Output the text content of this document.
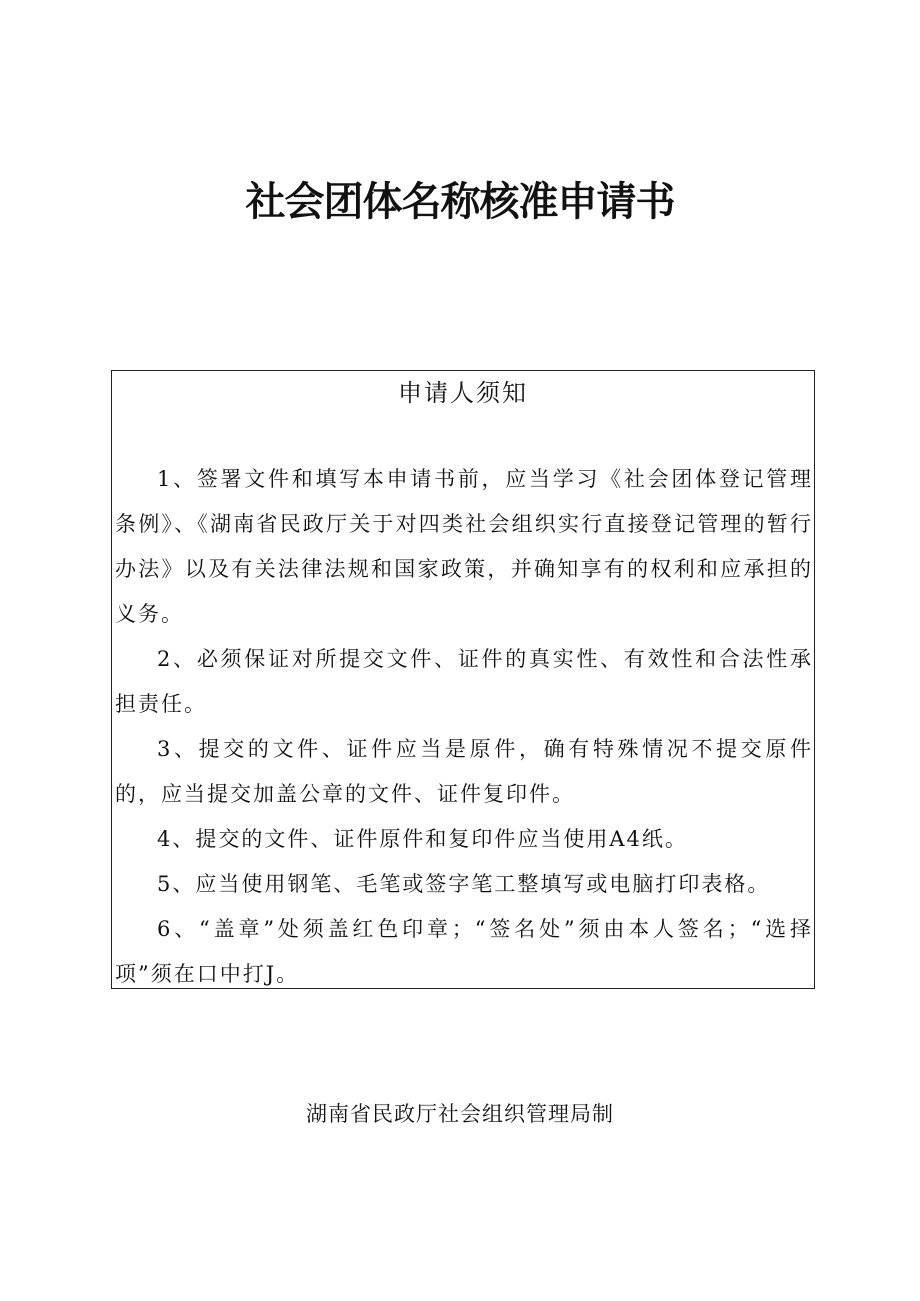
社会团体名称核准申请书
申请人须知
1、签署文件和填写本申请书前，应当学习《社会团体登记管理条例》、《湖南省民政厅关于对四类社会组织实行直接登记管理的暂行办法》以及有关法律法规和国家政策，并确知享有的权利和应承担的义务。
2、必须保证对所提交文件、证件的真实性、有效性和合法性承担责任。
3、提交的文件、证件应当是原件，确有特殊情况不提交原件的，应当提交加盖公章的文件、证件复印件。
4、提交的文件、证件原件和复印件应当使用A4纸。
5、应当使用钢笔、毛笔或签字笔工整填写或电脑打印表格。
6、“盖章”处须盖红色印章；“签名处”须由本人签名；“选择项”须在口中打J。
湖南省民政厅社会组织管理局制
